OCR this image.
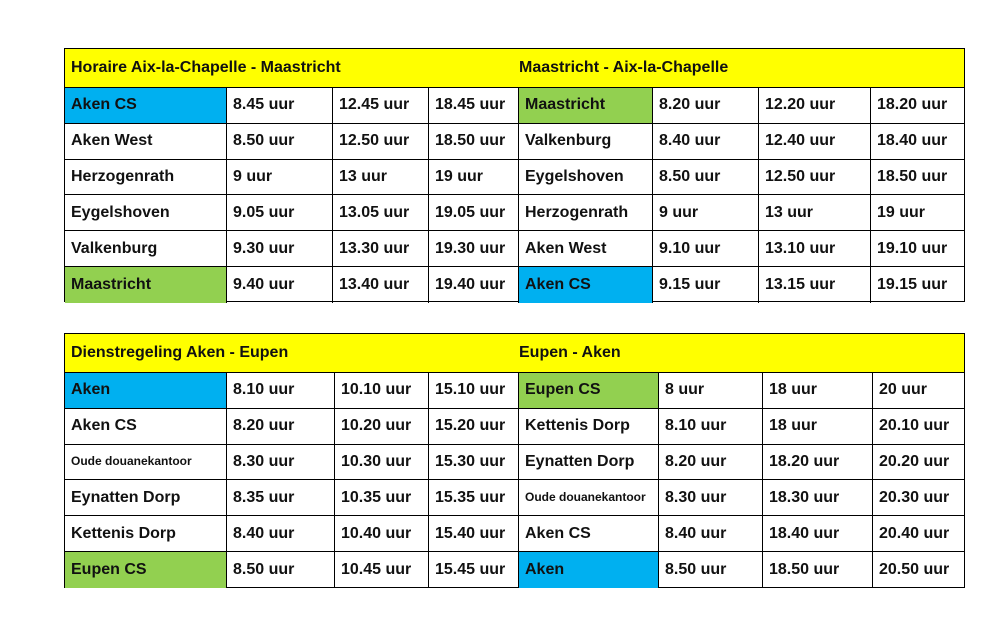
Horaire Aix-la-Chapelle - Maastricht	Maastricht - Aix-la-Chapelle
Aken CS	8.45 uur	12.45 uur	18.45 uur	Maastricht	8.20 uur	12.20 uur	18.20 uur
Aken West	8.50 uur	12.50 uur	18.50 uur	Valkenburg	8.40 uur	12.40 uur	18.40 uur
Herzogenrath	9 uur	13 uur	19 uur	Eygelshoven	8.50 uur	12.50 uur	18.50 uur
Eygelshoven	9.05 uur	13.05 uur	19.05 uur	Herzogenrath	9 uur	13 uur	19 uur
Valkenburg	9.30 uur	13.30 uur	19.30 uur	Aken West	9.10 uur	13.10 uur	19.10 uur
Maastricht	9.40 uur	13.40 uur	19.40 uur	Aken CS	9.15 uur	13.15 uur	19.15 uur
Dienstregeling Aken - Eupen	Eupen - Aken
Aken	8.10 uur	10.10 uur	15.10 uur	Eupen CS	8 uur	18 uur	20 uur
Aken CS	8.20 uur	10.20 uur	15.20 uur	Kettenis Dorp	8.10 uur	18 uur	20.10 uur
Oude douanekantoor	8.30 uur	10.30 uur	15.30 uur	Eynatten Dorp	8.20 uur	18.20 uur	20.20 uur
Eynatten Dorp	8.35 uur	10.35 uur	15.35 uur	Oude douanekantoor	8.30 uur	18.30 uur	20.30 uur
Kettenis Dorp	8.40 uur	10.40 uur	15.40 uur	Aken CS	8.40 uur	18.40 uur	20.40 uur
Eupen CS	8.50 uur	10.45 uur	15.45 uur	Aken	8.50 uur	18.50 uur	20.50 uur
